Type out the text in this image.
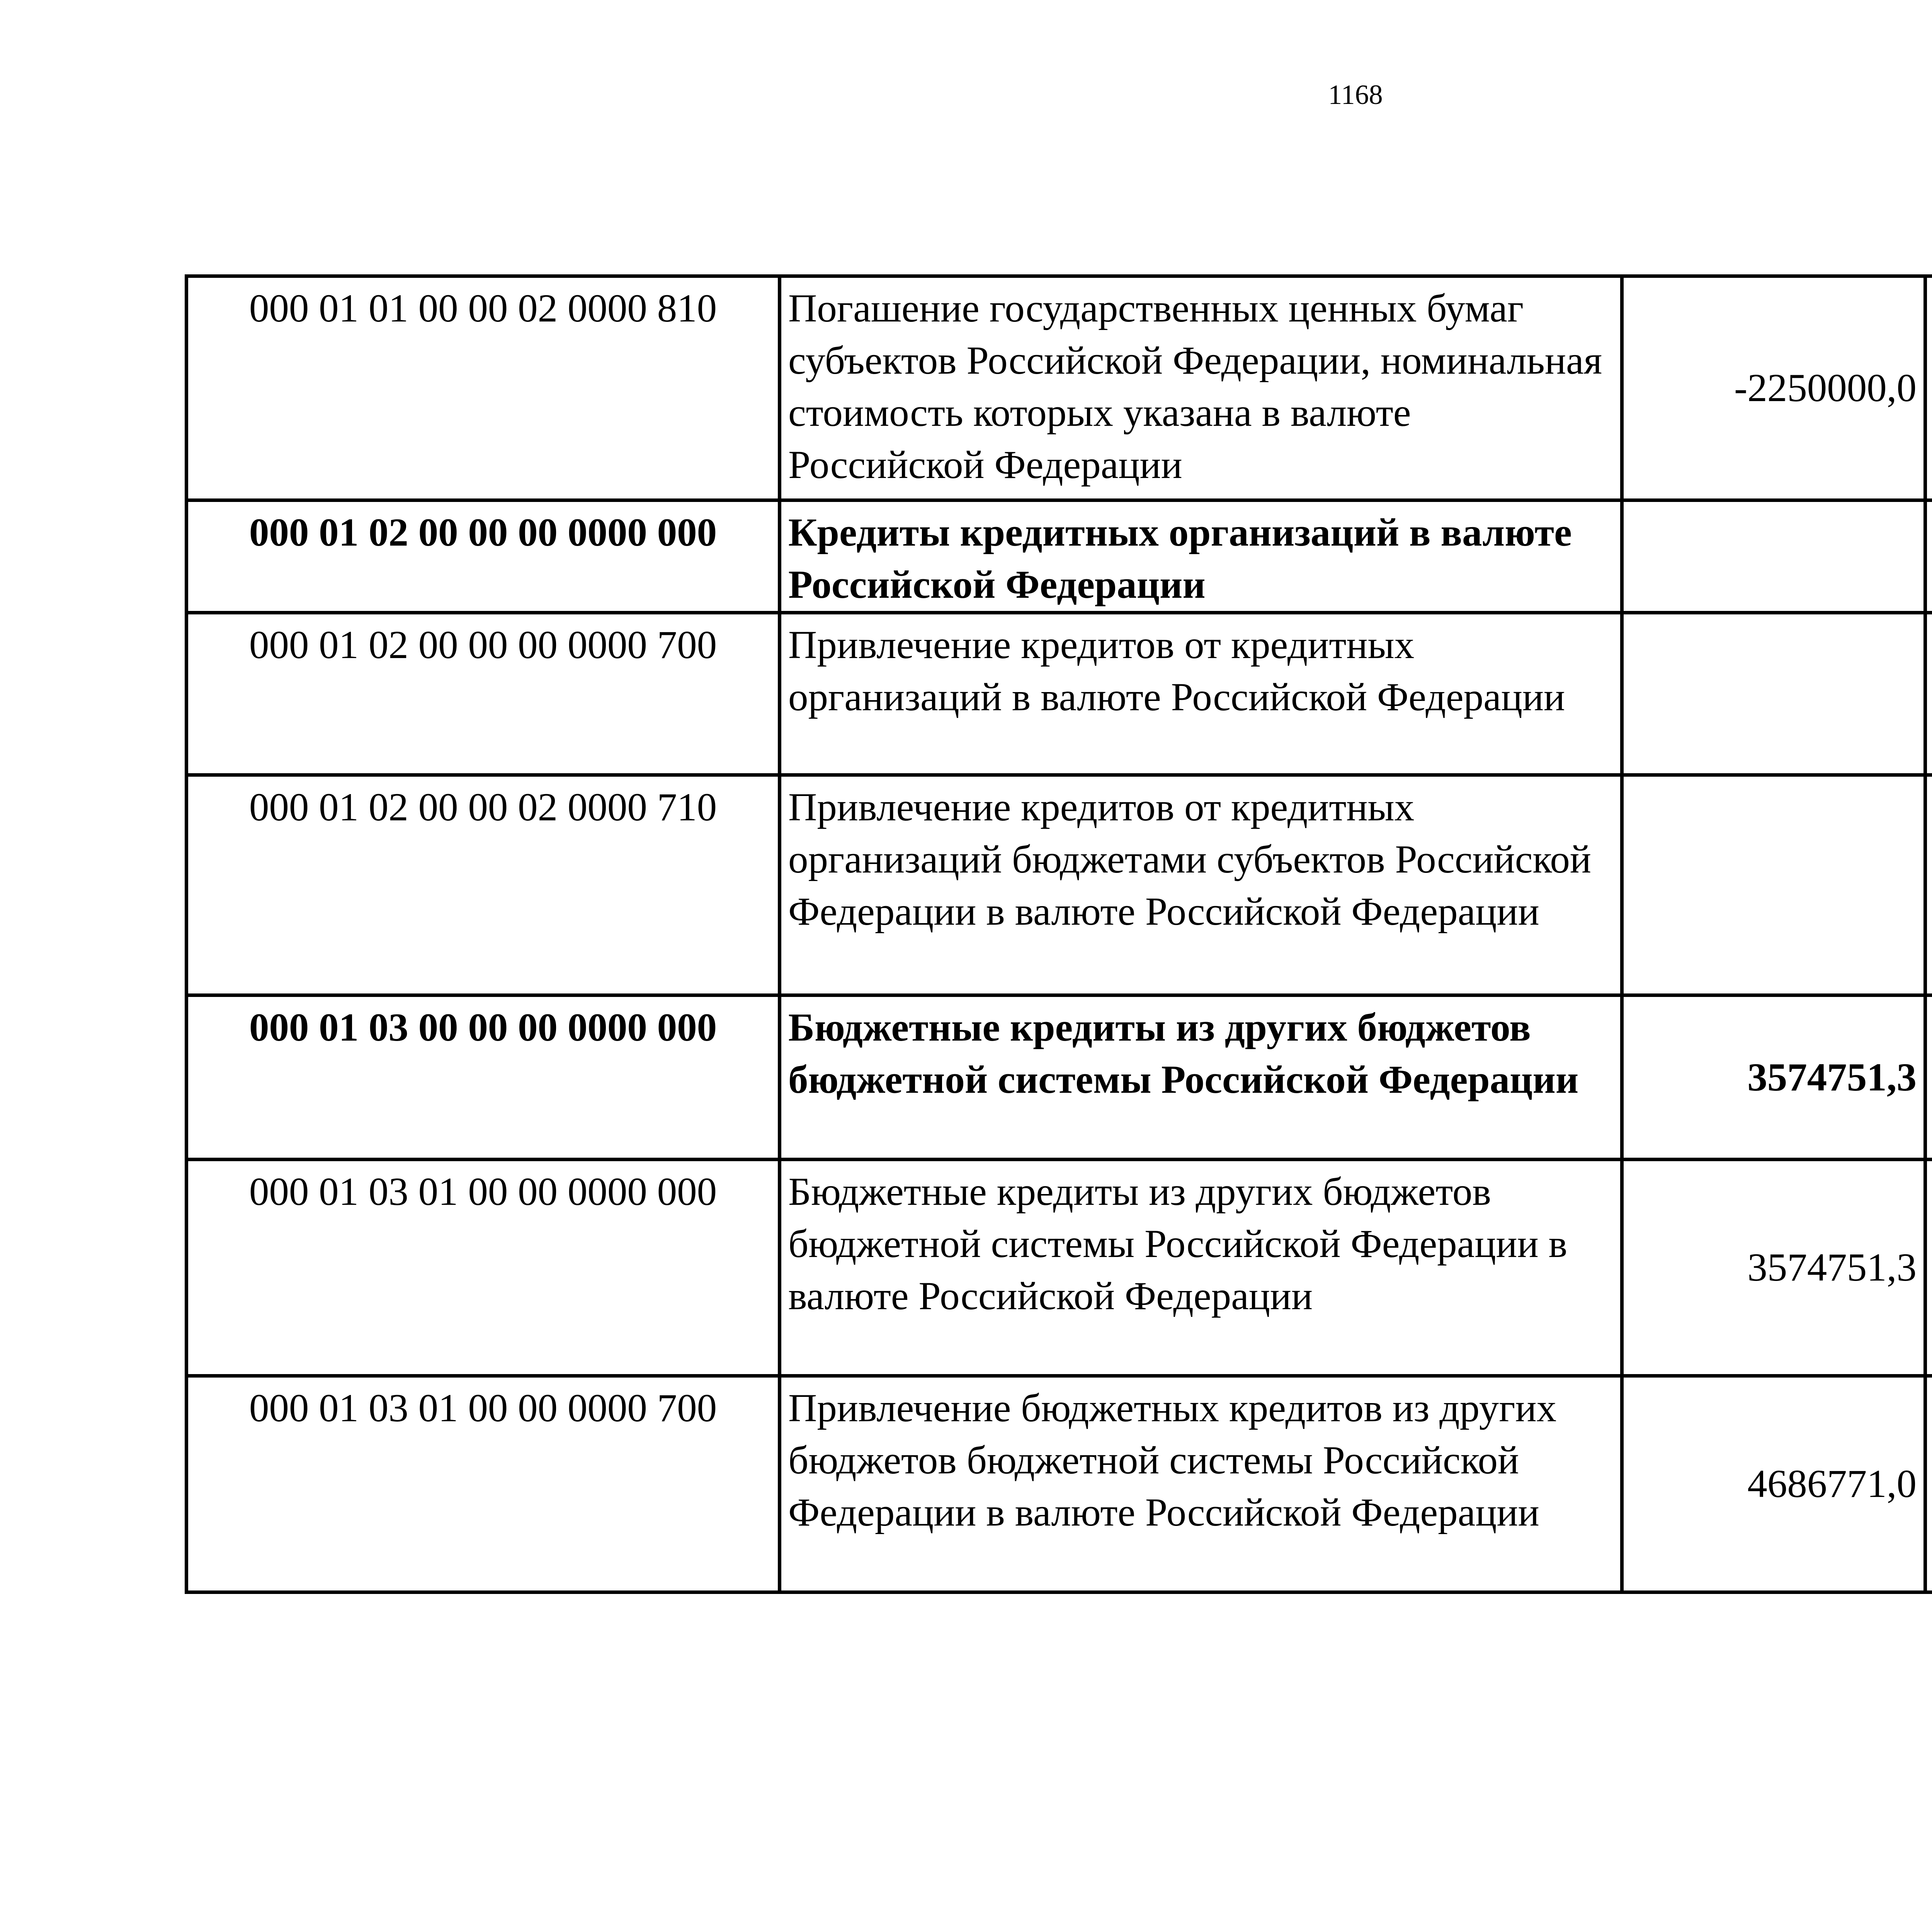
1168
000 01 01 00 00 02 0000 810	Погашение государственных ценных бумаг субъектов Российской Федерации, номинальная стоимость которых указана в валюте Российской Федерации	-2250000,0		
000 01 02 00 00 00 0000 000	Кредиты кредитных организаций в валюте Российской Федерации			
000 01 02 00 00 00 0000 700	Привлечение кредитов от кредитных организаций в валюте Российской Федерации			
000 01 02 00 00 02 0000 710	Привлечение кредитов от кредитных организаций бюджетами субъектов Российской Федерации в валюте Российской Федерации			
000 01 03 00 00 00 0000 000	Бюджетные кредиты из других бюджетов бюджетной системы Российской Федерации	3574751,3		
000 01 03 01 00 00 0000 000	Бюджетные кредиты из других бюджетов бюджетной системы Российской Федерации в валюте Российской Федерации	3574751,3		
000 01 03 01 00 00 0000 700	Привлечение бюджетных кредитов из других бюджетов бюджетной системы Российской Федерации в валюте Российской Федерации	4686771,0		
